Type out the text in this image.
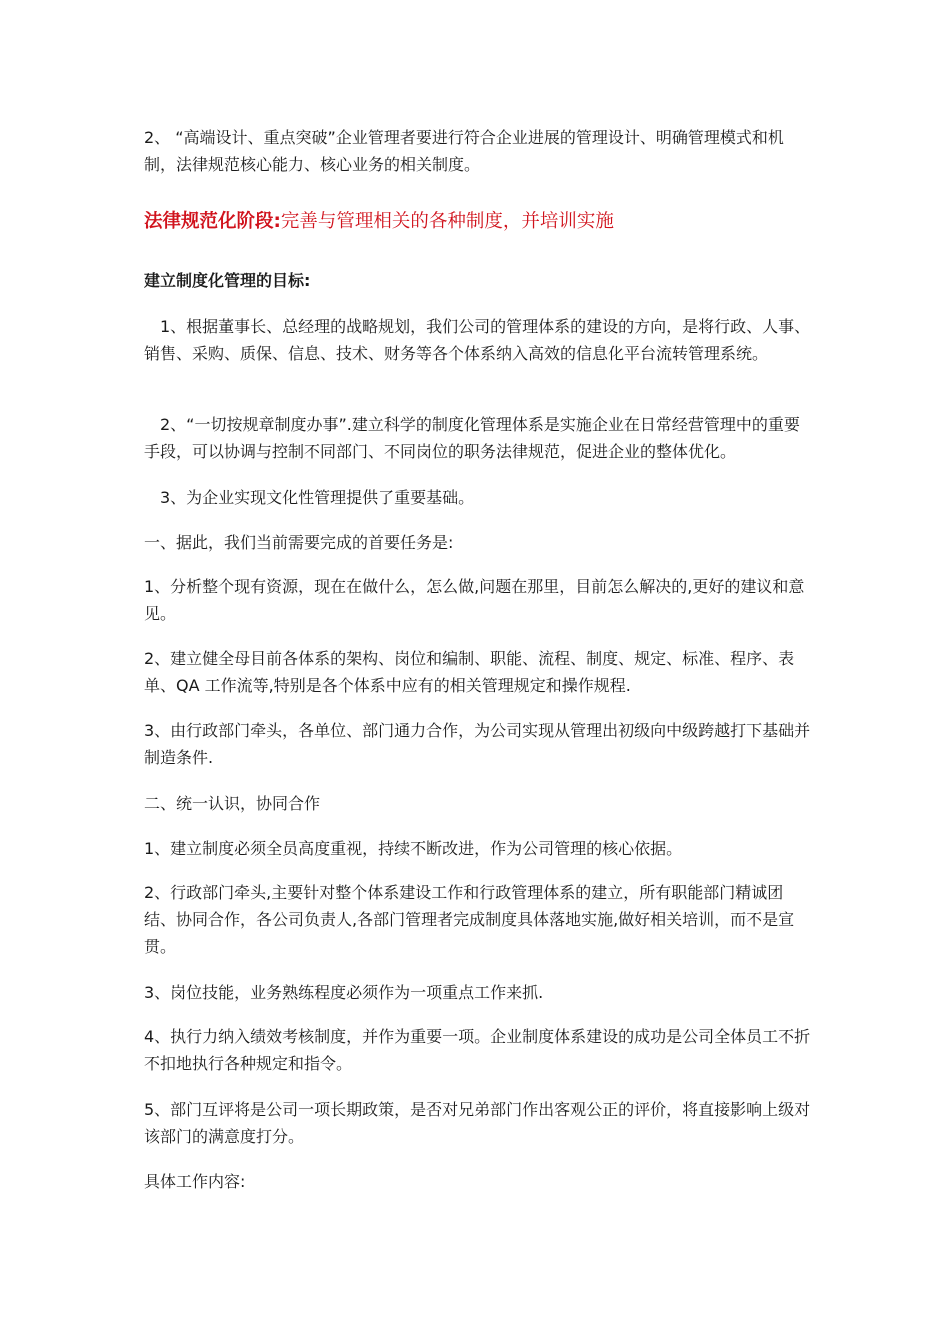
2、 “高端设计、重点突破”企业管理者要进行符合企业进展的管理设计、明确管理模式和机制，法律规范核心能力、核心业务的相关制度。

法律规范化阶段:完善与管理相关的各种制度，并培训实施

建立制度化管理的目标:

1、根据董事长、总经理的战略规划，我们公司的管理体系的建设的方向，是将行政、人事、销售、采购、质保、信息、技术、财务等各个体系纳入高效的信息化平台流转管理系统。

2、“一切按规章制度办事”.建立科学的制度化管理体系是实施企业在日常经营管理中的重要手段，可以协调与控制不同部门、不同岗位的职务法律规范，促进企业的整体优化。

3、为企业实现文化性管理提供了重要基础。

一、据此，我们当前需要完成的首要任务是:

1、分析整个现有资源，现在在做什么，怎么做,问题在那里，目前怎么解决的,更好的建议和意见。

2、建立健全母目前各体系的架构、岗位和编制、职能、流程、制度、规定、标准、程序、表单、QA 工作流等,特别是各个体系中应有的相关管理规定和操作规程.

3、由行政部门牵头，各单位、部门通力合作，为公司实现从管理出初级向中级跨越打下基础并制造条件.

二、统一认识，协同合作

1、建立制度必须全员高度重视，持续不断改进，作为公司管理的核心依据。

2、行政部门牵头,主要针对整个体系建设工作和行政管理体系的建立，所有职能部门精诚团结、协同合作，各公司负责人,各部门管理者完成制度具体落地实施,做好相关培训，而不是宣贯。

3、岗位技能，业务熟练程度必须作为一项重点工作来抓.

4、执行力纳入绩效考核制度，并作为重要一项。企业制度体系建设的成功是公司全体员工不折不扣地执行各种规定和指令。

5、部门互评将是公司一项长期政策，是否对兄弟部门作出客观公正的评价，将直接影响上级对该部门的满意度打分。

具体工作内容:
